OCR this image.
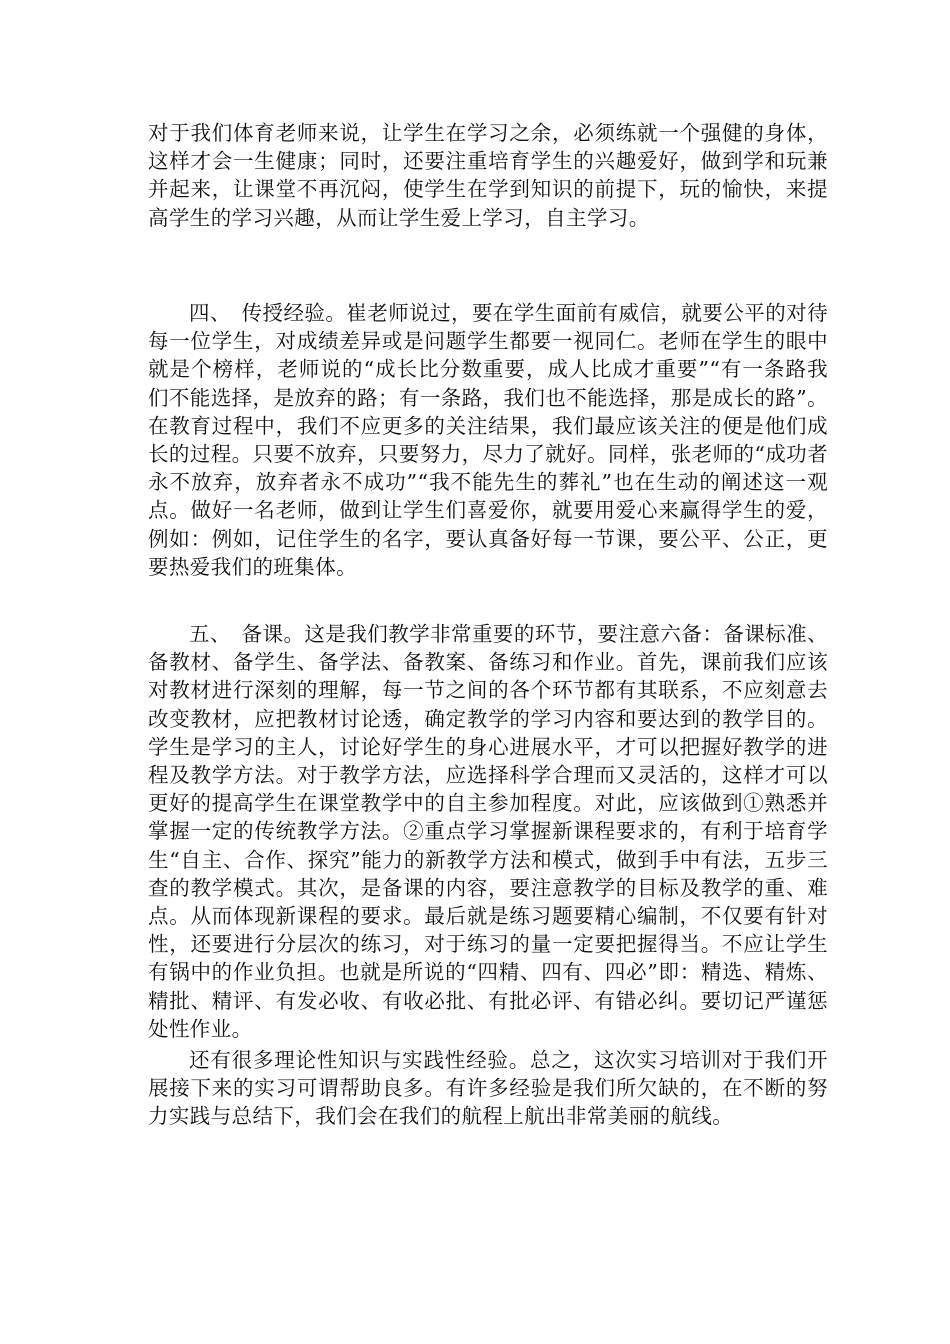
对于我们体育老师来说，让学生在学习之余，必须练就一个强健的身体，这样才会一生健康；同时，还要注重培育学生的兴趣爱好，做到学和玩兼并起来，让课堂不再沉闷，使学生在学到知识的前提下，玩的愉快，来提高学生的学习兴趣，从而让学生爱上学习，自主学习。

四、　传授经验。崔老师说过，要在学生面前有威信，就要公平的对待每一位学生，对成绩差异或是问题学生都要一视同仁。老师在学生的眼中就是个榜样，老师说的“成长比分数重要，成人比成才重要”“有一条路我们不能选择，是放弃的路；有一条路，我们也不能选择，那是成长的路”。在教育过程中，我们不应更多的关注结果，我们最应该关注的便是他们成长的过程。只要不放弃，只要努力，尽力了就好。同样，张老师的“成功者永不放弃，放弃者永不成功”“我不能先生的葬礼”也在生动的阐述这一观点。做好一名老师，做到让学生们喜爱你，就要用爱心来赢得学生的爱，例如：例如，记住学生的名字，要认真备好每一节课，要公平、公正，更要热爱我们的班集体。

五、　备课。这是我们教学非常重要的环节，要注意六备：备课标准、备教材、备学生、备学法、备教案、备练习和作业。首先，课前我们应该对教材进行深刻的理解，每一节之间的各个环节都有其联系，不应刻意去改变教材，应把教材讨论透，确定教学的学习内容和要达到的教学目的。学生是学习的主人，讨论好学生的身心进展水平，才可以把握好教学的进程及教学方法。对于教学方法，应选择科学合理而又灵活的，这样才可以更好的提高学生在课堂教学中的自主参加程度。对此，应该做到①熟悉并掌握一定的传统教学方法。②重点学习掌握新课程要求的，有利于培育学生“自主、合作、探究”能力的新教学方法和模式，做到手中有法，五步三查的教学模式。其次，是备课的内容，要注意教学的目标及教学的重、难点。从而体现新课程的要求。最后就是练习题要精心编制，不仅要有针对性，还要进行分层次的练习，对于练习的量一定要把握得当。不应让学生有锅中的作业负担。也就是所说的“四精、四有、四必”即：精选、精炼、精批、精评、有发必收、有收必批、有批必评、有错必纠。要切记严谨惩处性作业。

还有很多理论性知识与实践性经验。总之，这次实习培训对于我们开展接下来的实习可谓帮助良多。有许多经验是我们所欠缺的，在不断的努力实践与总结下，我们会在我们的航程上航出非常美丽的航线。
